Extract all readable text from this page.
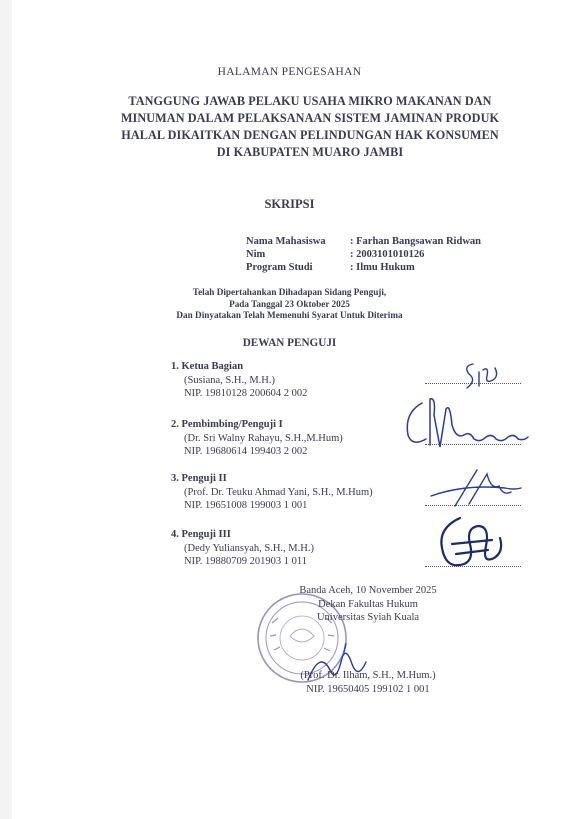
HALAMAN PENGESAHAN
TANGGUNG JAWAB PELAKU USAHA MIKRO MAKANAN DAN MINUMAN DALAM PELAKSANAAN SISTEM JAMINAN PRODUK HALAL DIKAITKAN DENGAN PELINDUNGAN HAK KONSUMEN DI KABUPATEN MUARO JAMBI
SKRIPSI
Nama Mahasiswa : Farhan Bangsawan Ridwan
Nim	: 2003101010126
Program Studi	: Ilmu Hukum
Telah Dipertahankan Dihadapan Sidang Penguji,
Pada Tanggal 23 Oktober 2025
Dan Dinyatakan Telah Memenuhi Syarat Untuk Diterima
DEWAN PENGUJI
1. Ketua Bagian
(Susiana, S.H., M.H.)
NIP. 19810128 200604 2 002
2. Pembimbing/Penguji I
(Dr. Sri Walny Rahayu, S.H.,M.Hum)
NIP. 19680614 199403 2 002
3. Penguji II
(Prof. Dr. Teuku Ahmad Yani, S.H., M.Hum)
NIP. 19651008 199003 1 001
4. Penguji III
(Dedy Yuliansyah, S.H., M.H.)
NIP. 19880709 201903 1 011
Banda Aceh, 10 November 2025
Dekan Fakultas Hukum
Universitas Syiah Kuala
(Prof. Dr. Ilham, S.H., M.Hum.)
NIP. 19650405 199102 1 001
